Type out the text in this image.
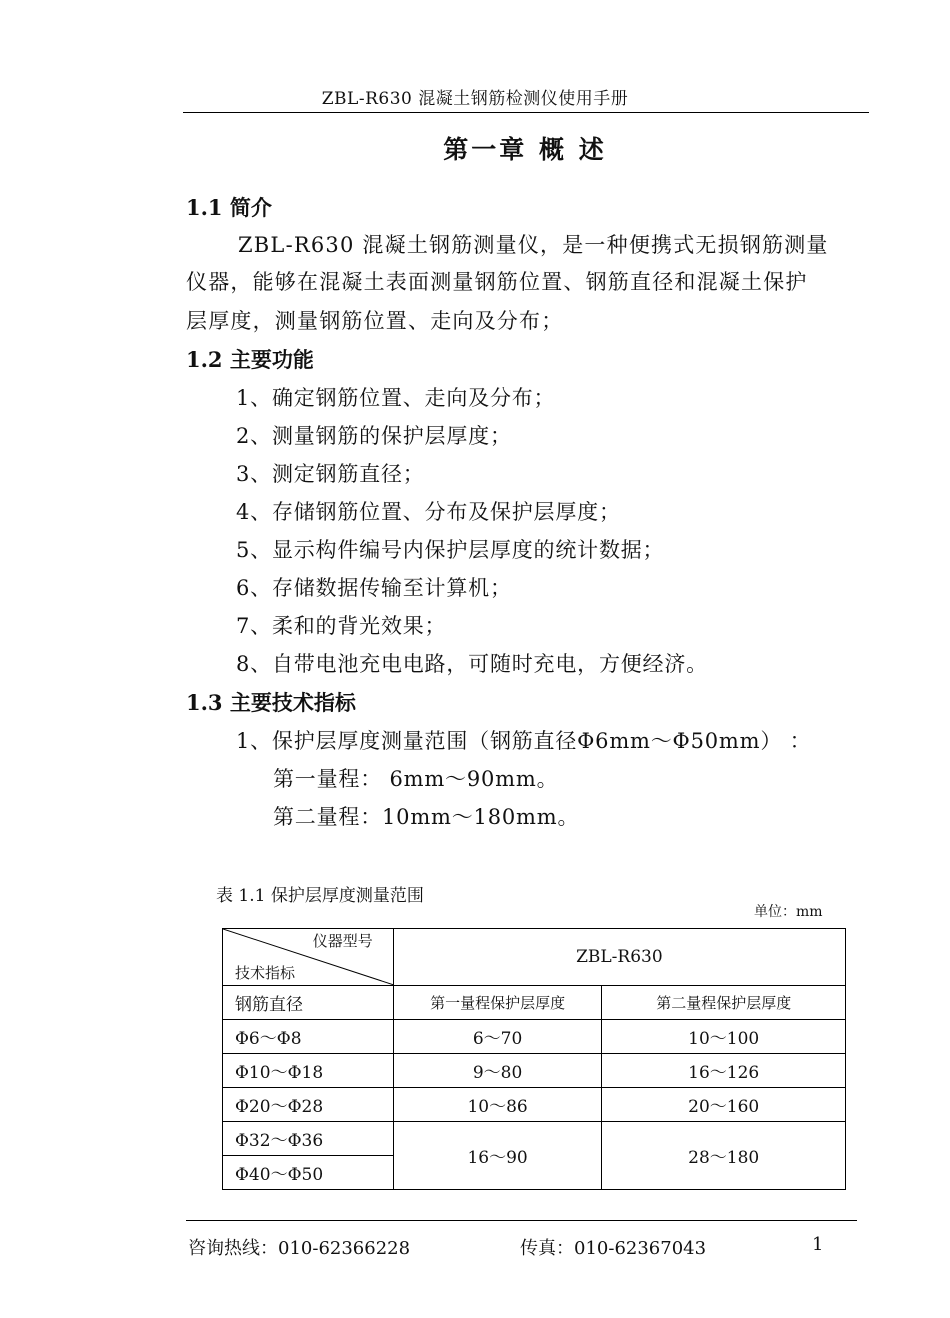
ZBL-R630 混凝土钢筋检测仪使用手册
第一章 概 述
1.1 简介
ZBL-R630 混凝土钢筋测量仪，是一种便携式无损钢筋测量
仪器，能够在混凝土表面测量钢筋位置、钢筋直径和混凝土保护
层厚度，测量钢筋位置、走向及分布；
1.2 主要功能
1、确定钢筋位置、走向及分布；
2、测量钢筋的保护层厚度；
3、测定钢筋直径；
4、存储钢筋位置、分布及保护层厚度；
5、显示构件编号内保护层厚度的统计数据；
6、存储数据传输至计算机；
7、柔和的背光效果；
8、自带电池充电电路，可随时充电，方便经济。
1.3 主要技术指标
1、保护层厚度测量范围（钢筋直径Φ6mm～Φ50mm） ：
第一量程： 6mm～90mm。
第二量程：10mm～180mm。
表 1.1 保护层厚度测量范围
单位：mm
仪器型号
技术指标	ZBL-R630	
钢筋直径	第一量程保护层厚度	第二量程保护层厚度
Φ6～Φ8	6～70	10～100
Φ10～Φ18	9～80	16～126
Φ20～Φ28	10～86	20～160
Φ32～Φ36	16～90	28～180
Φ40～Φ50		
咨询热线：010-62366228	传真：010-62367043	1
